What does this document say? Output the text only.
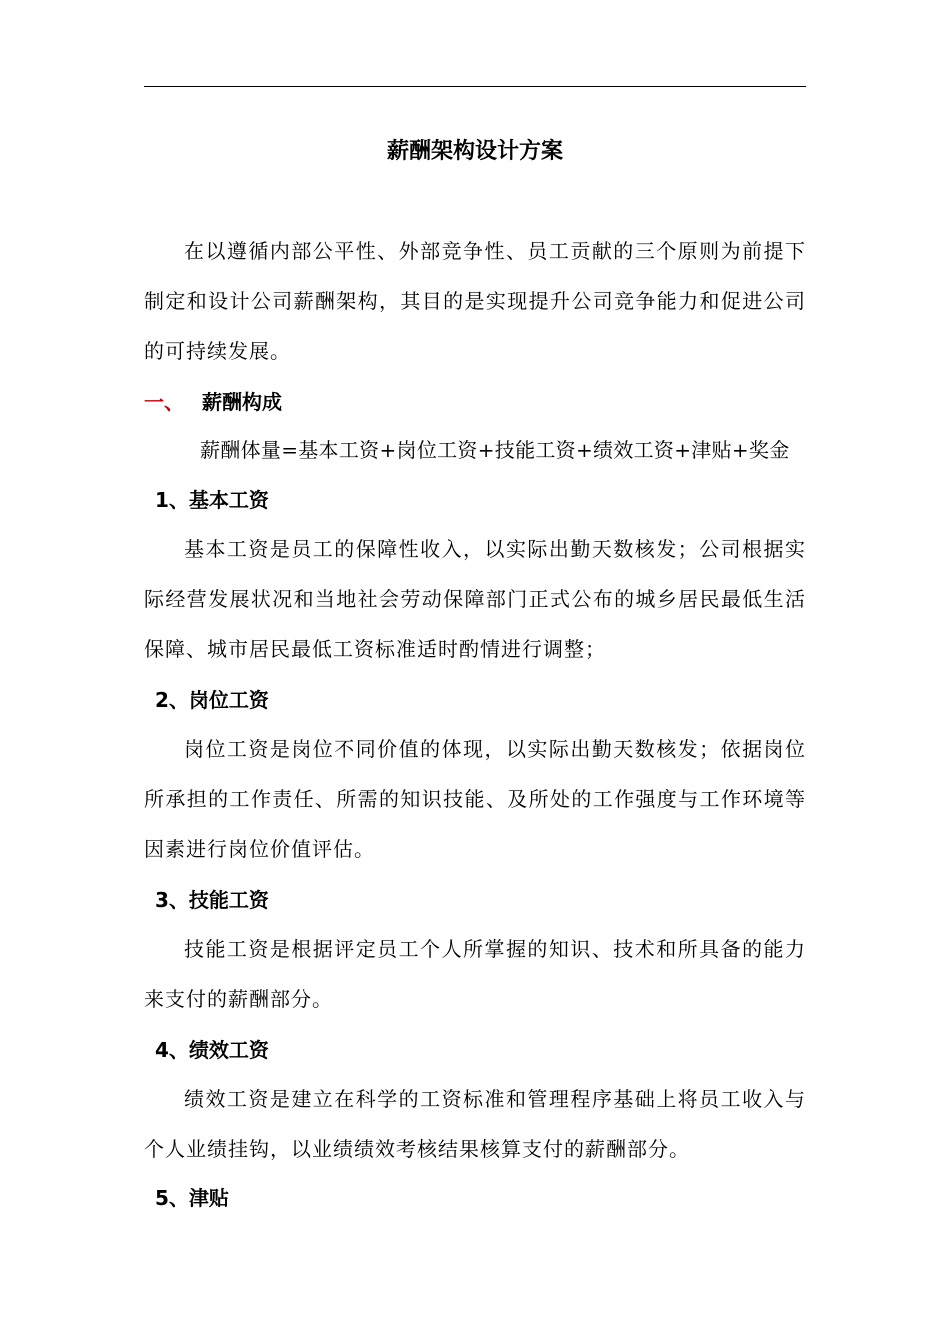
薪酬架构设计方案

在以遵循内部公平性、外部竞争性、员工贡献的三个原则为前提下制定和设计公司薪酬架构，其目的是实现提升公司竞争能力和促进公司的可持续发展。

一、 薪酬构成

薪酬体量=基本工资+岗位工资+技能工资+绩效工资+津贴+奖金

1、基本工资

基本工资是员工的保障性收入，以实际出勤天数核发；公司根据实际经营发展状况和当地社会劳动保障部门正式公布的城乡居民最低生活保障、城市居民最低工资标准适时酌情进行调整；

2、岗位工资

岗位工资是岗位不同价值的体现，以实际出勤天数核发；依据岗位所承担的工作责任、所需的知识技能、及所处的工作强度与工作环境等因素进行岗位价值评估。

3、技能工资

技能工资是根据评定员工个人所掌握的知识、技术和所具备的能力来支付的薪酬部分。

4、绩效工资

绩效工资是建立在科学的工资标准和管理程序基础上将员工收入与个人业绩挂钩，以业绩绩效考核结果核算支付的薪酬部分。

5、津贴
